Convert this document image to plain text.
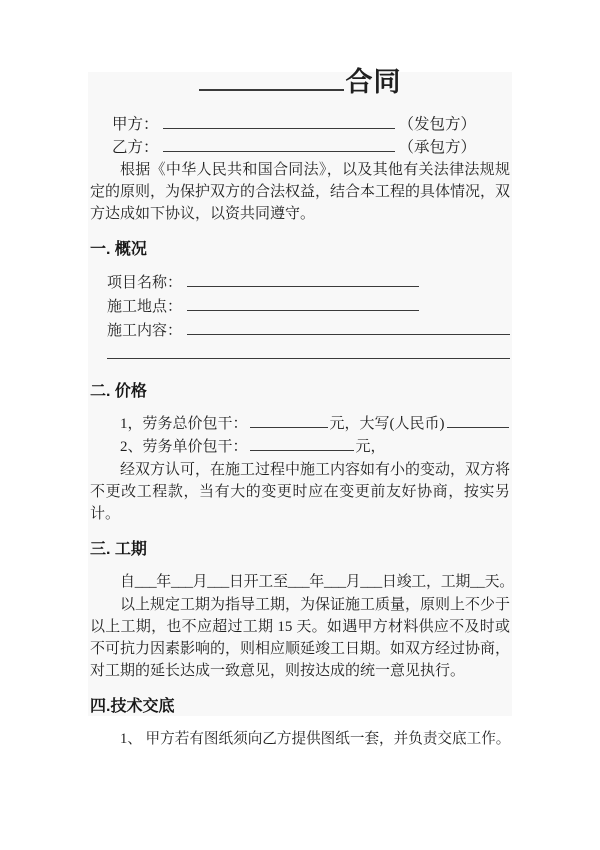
合同
甲方：	（发包方）
乙方：	（承包方）

根据《中华人民共和国合同法》，以及其他有关法律法规规定的原则，为保护双方的合法权益，结合本工程的具体情况，双方达成如下协议，以资共同遵守。

一. 概况
项目名称：
施工地点：
施工内容：
二. 价格
1，劳务总价包干：	元，大写(人民币)
2、劳务单价包干：	元，

经双方认可，在施工过程中施工内容如有小的变动，双方将不更改工程款，当有大的变更时应在变更前友好协商，按实另计。

三. 工期
自___年___月___日开工至___年___月___日竣工，工期__天。

以上规定工期为指导工期，为保证施工质量，原则上不少于以上工期，也不应超过工期 15 天。如遇甲方材料供应不及时或不可抗力因素影响的，则相应顺延竣工日期。如双方经过协商，对工期的延长达成一致意见，则按达成的统一意见执行。

四.技术交底
1、 甲方若有图纸须向乙方提供图纸一套，并负责交底工作。
